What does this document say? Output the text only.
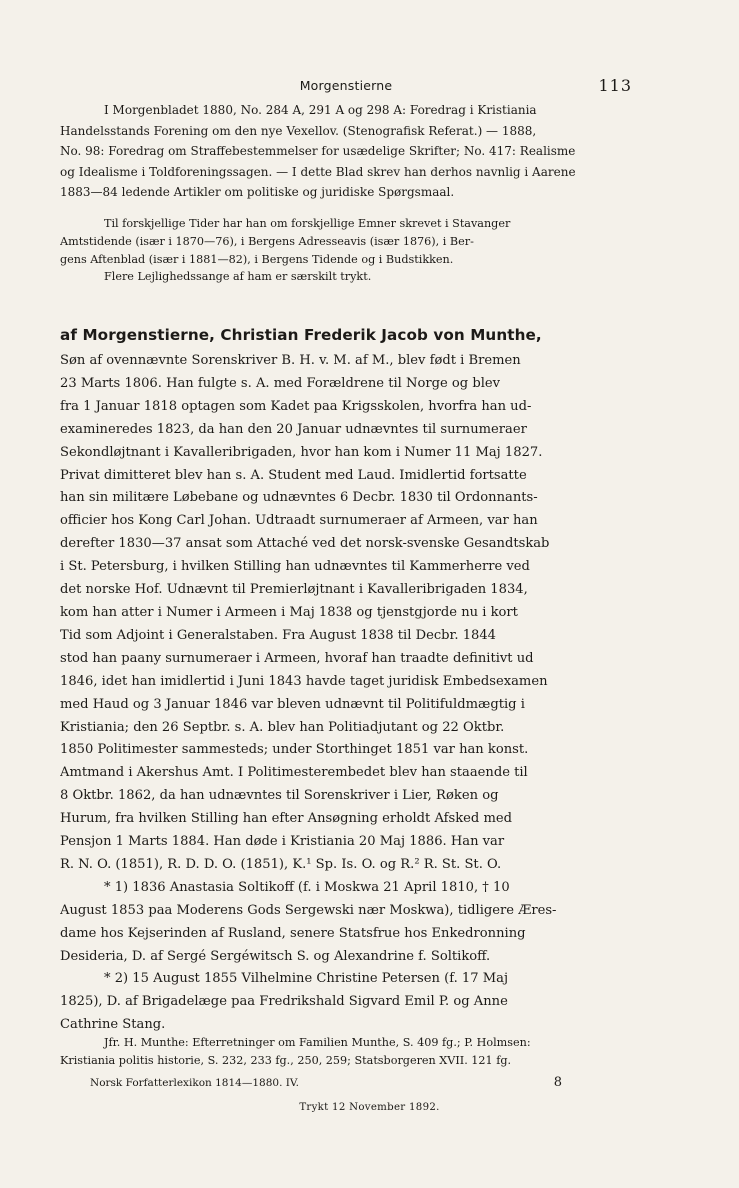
Morgenstierne	113
I Morgenbladet 1880, No. 284 A, 291 A og 298 A: Foredrag i Kristiania
Handelsstands Forening om den nye Vexellov. (Stenografisk Referat.) — 1888,
No. 98: Foredrag om Straffebestemmelser for usædelige Skrifter; No. 417: Realisme
og Idealisme i Toldforeningssagen. — I dette Blad skrev han derhos navnlig i Aarene
1883—84 ledende Artikler om politiske og juridiske Spørgsmaal.
Til forskjellige Tider har han om forskjellige Emner skrevet i Stavanger
Amtstidende (især i 1870—76), i Bergens Adresseavis (især 1876), i Ber-
gens Aftenblad (især i 1881—82), i Bergens Tidende og i Budstikken.
Flere Lejlighedssange af ham er særskilt trykt.
af Morgenstierne, Christian Frederik Jacob von Munthe,
Søn af ovennævnte Sorenskriver B. H. v. M. af M., blev født i Bremen
23 Marts 1806. Han fulgte s. A. med Forældrene til Norge og blev
fra 1 Januar 1818 optagen som Kadet paa Krigsskolen, hvorfra han ud-
examineredes 1823, da han den 20 Januar udnævntes til surnumeraer
Sekondløjtnant i Kavalleribrigaden, hvor han kom i Numer 11 Maj 1827.
Privat dimitteret blev han s. A. Student med Laud. Imidlertid fortsatte
han sin militære Løbebane og udnævntes 6 Decbr. 1830 til Ordonnants-
officier hos Kong Carl Johan. Udtraadt surnumeraer af Armeen, var han
derefter 1830—37 ansat som Attaché ved det norsk-svenske Gesandtskab
i St. Petersburg, i hvilken Stilling han udnævntes til Kammerherre ved
det norske Hof. Udnævnt til Premierløjtnant i Kavalleribrigaden 1834,
kom han atter i Numer i Armeen i Maj 1838 og tjenstgjorde nu i kort
Tid som Adjoint i Generalstaben. Fra August 1838 til Decbr. 1844
stod han paany surnumeraer i Armeen, hvoraf han traadte definitivt ud
1846, idet han imidlertid i Juni 1843 havde taget juridisk Embedsexamen
med Haud og 3 Januar 1846 var bleven udnævnt til Politifuldmægtig i
Kristiania; den 26 Septbr. s. A. blev han Politiadjutant og 22 Oktbr.
1850 Politimester sammesteds; under Storthinget 1851 var han konst.
Amtmand i Akershus Amt. I Politimesterembedet blev han staaende til
8 Oktbr. 1862, da han udnævntes til Sorenskriver i Lier, Røken og
Hurum, fra hvilken Stilling han efter Ansøgning erholdt Afsked med
Pensjon 1 Marts 1884. Han døde i Kristiania 20 Maj 1886. Han var
R. N. O. (1851), R. D. D. O. (1851), K.¹ Sp. Is. O. og R.² R. St. St. O.
* 1) 1836 Anastasia Soltikoff (f. i Moskwa 21 April 1810, † 10
August 1853 paa Moderens Gods Sergewski nær Moskwa), tidligere Æres-
dame hos Kejserinden af Rusland, senere Statsfrue hos Enkedronning
Desideria, D. af Sergé Sergéwitsch S. og Alexandrine f. Soltikoff.
* 2) 15 August 1855 Vilhelmine Christine Petersen (f. 17 Maj
1825), D. af Brigadelæge paa Fredrikshald Sigvard Emil P. og Anne
Cathrine Stang.
Jfr. H. Munthe: Efterretninger om Familien Munthe, S. 409 fg.; P. Holmsen:
Kristiania politis historie, S. 232, 233 fg., 250, 259; Statsborgeren XVII. 121 fg.
Norsk Forfatterlexikon 1814—1880. IV.	8
Trykt 12 November 1892.
